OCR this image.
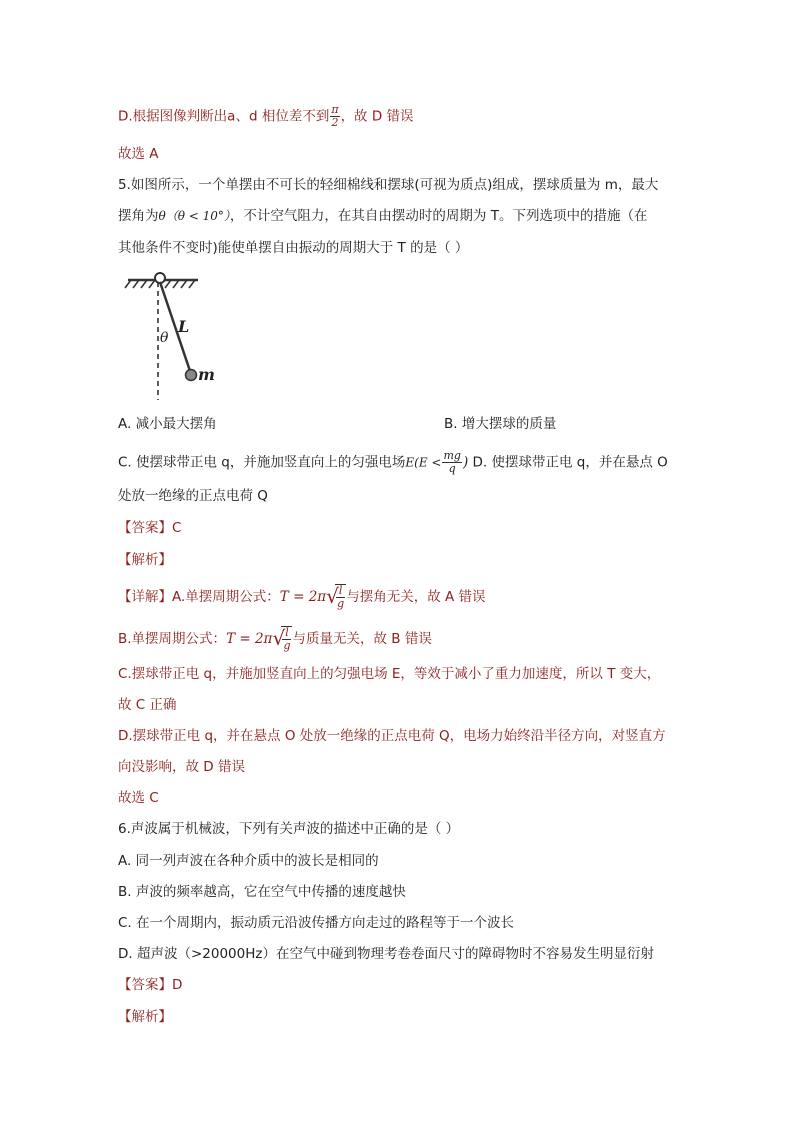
D.根据图像判断出a、d 相位差不到 $\frac{\pi}{2}$ ，故 D 错误
故选 A
5.如图所示，一个单摆由不可长的轻细棉线和摆球(可视为质点)组成，摆球质量为 m，最大
摆角为θ（θ < 10°），不计空气阻力，在其自由摆动时的周期为 T。下列选项中的措施（在
其他条件不变时)能使单摆自由振动的周期大于 T 的是（ ）
L
θ
m
A. 减小最大摆角	B. 增大摆球的质量
C. 使摆球带正电 q，并施加竖直向上的匀强电场$E(E < \frac{mg}{q}$ ) D. 使摆球带正电 q，并在悬点 O
处放一绝缘的正点电荷 Q
【答案】C
【解析】
【详解】A.单摆周期公式：T = 2π √ $\frac{l}{g}$ 与摆角无关，故 A 错误
B.单摆周期公式：T = 2π √ $\frac{l}{g}$ 与质量无关，故 B 错误
C.摆球带正电 q，并施加竖直向上的匀强电场 E，等效于减小了重力加速度，所以 T 变大，
故 C 正确
D.摆球带正电 q，并在悬点 O 处放一绝缘的正点电荷 Q，电场力始终沿半径方向，对竖直方
向没影响，故 D 错误
故选 C
6.声波属于机械波，下列有关声波的描述中正确的是（ ）
A. 同一列声波在各种介质中的波长是相同的
B. 声波的频率越高，它在空气中传播的速度越快
C. 在一个周期内，振动质元沿波传播方向走过的路程等于一个波长
D. 超声波（>20000Hz）在空气中碰到物理考卷卷面尺寸的障碍物时不容易发生明显衍射
【答案】D
【解析】
